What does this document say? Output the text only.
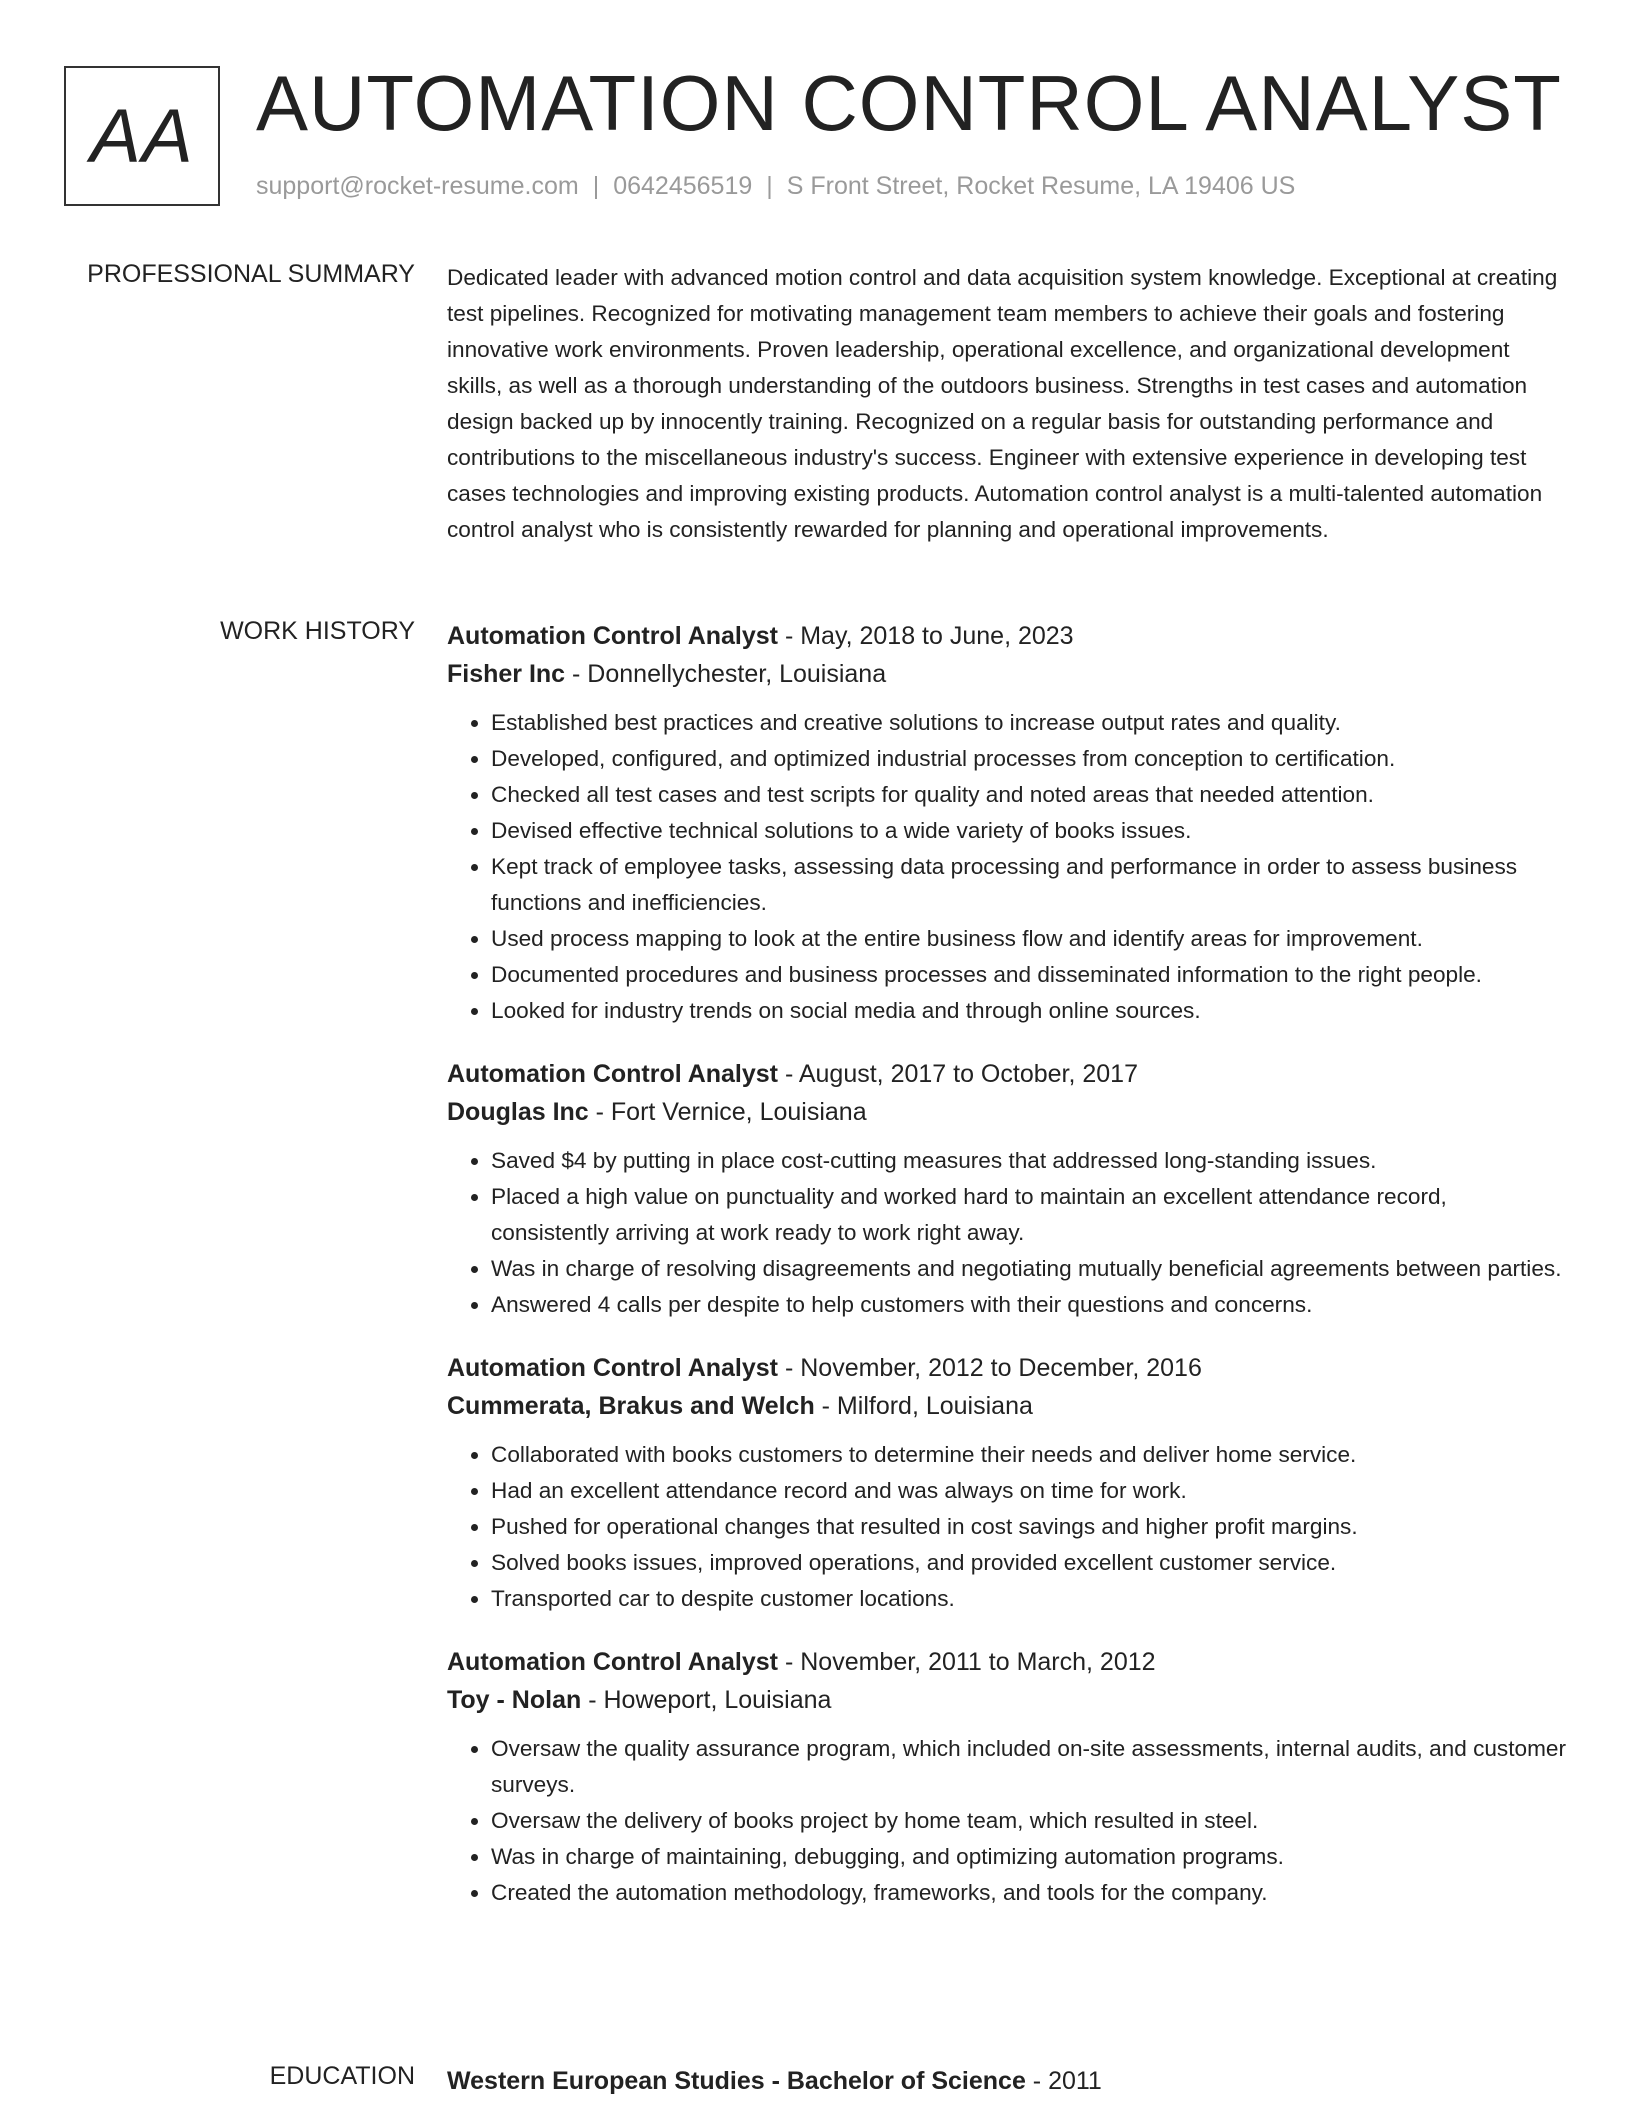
AA AUTOMATION CONTROL ANALYST
support@rocket-resume.com | 0642456519 | S Front Street, Rocket Resume, LA 19406 US
PROFESSIONAL SUMMARY Dedicated leader with advanced motion control and data acquisition system knowledge. Exceptional at creating test pipelines. Recognized for motivating management team members to achieve their goals and fostering innovative work environments. Proven leadership, operational excellence, and organizational development skills, as well as a thorough understanding of the outdoors business. Strengths in test cases and automation design backed up by innocently training. Recognized on a regular basis for outstanding performance and contributions to the miscellaneous industry's success. Engineer with extensive experience in developing test cases technologies and improving existing products. Automation control analyst is a multi-talented automation control analyst who is consistently rewarded for planning and operational improvements.

WORK HISTORY Automation Control Analyst - May, 2018 to June, 2023
Fisher Inc - Donnellychester, Louisiana
• Established best practices and creative solutions to increase output rates and quality.
• Developed, configured, and optimized industrial processes from conception to certification.
• Checked all test cases and test scripts for quality and noted areas that needed attention.
• Devised effective technical solutions to a wide variety of books issues.
• Kept track of employee tasks, assessing data processing and performance in order to assess business functions and inefficiencies.
• Used process mapping to look at the entire business flow and identify areas for improvement.
• Documented procedures and business processes and disseminated information to the right people.
• Looked for industry trends on social media and through online sources.
Automation Control Analyst - August, 2017 to October, 2017
Douglas Inc - Fort Vernice, Louisiana
• Saved $4 by putting in place cost-cutting measures that addressed long-standing issues.
• Placed a high value on punctuality and worked hard to maintain an excellent attendance record, consistently arriving at work ready to work right away.
• Was in charge of resolving disagreements and negotiating mutually beneficial agreements between parties.
• Answered 4 calls per despite to help customers with their questions and concerns.
Automation Control Analyst - November, 2012 to December, 2016
Cummerata, Brakus and Welch - Milford, Louisiana
• Collaborated with books customers to determine their needs and deliver home service.
• Had an excellent attendance record and was always on time for work.
• Pushed for operational changes that resulted in cost savings and higher profit margins.
• Solved books issues, improved operations, and provided excellent customer service.
• Transported car to despite customer locations.
Automation Control Analyst - November, 2011 to March, 2012
Toy - Nolan - Howeport, Louisiana
• Oversaw the quality assurance program, which included on-site assessments, internal audits, and customer surveys.
• Oversaw the delivery of books project by home team, which resulted in steel.
• Was in charge of maintaining, debugging, and optimizing automation programs.
• Created the automation methodology, frameworks, and tools for the company.
EDUCATION Western European Studies - Bachelor of Science - 2011
